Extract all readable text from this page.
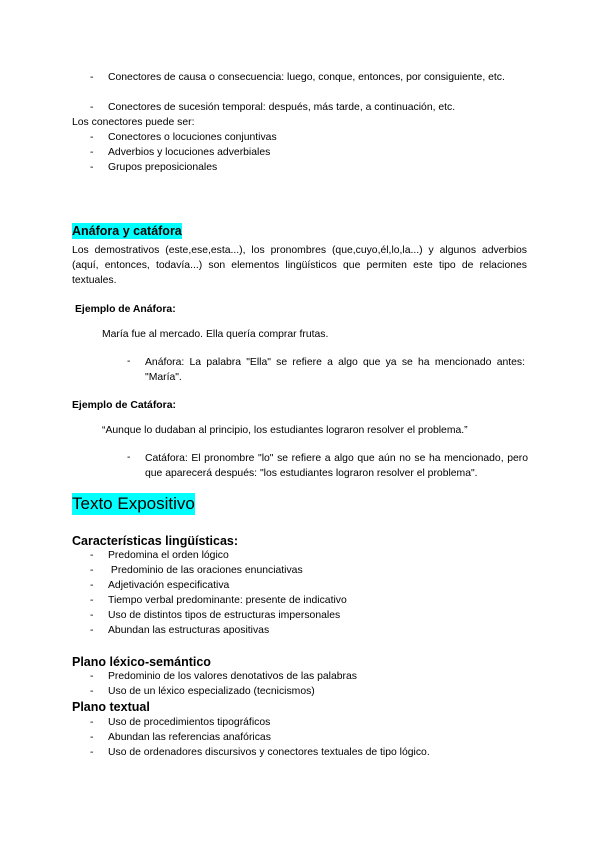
- Conectores de causa o consecuencia: luego, conque, entonces, por consiguiente, etc.
- Conectores de sucesión temporal: después, más tarde, a continuación, etc.
Los conectores puede ser:
- Conectores o locuciones conjuntivas
- Adverbios y locuciones adverbiales
- Grupos preposicionales
Anáfora y catáfora
Los demostrativos (este,ese,esta...), los pronombres (que,cuyo,él,lo,la...) y algunos adverbios (aquí, entonces, todavía...) son elementos lingüísticos que permiten este tipo de relaciones textuales.
Ejemplo de Anáfora:
María fue al mercado. Ella quería comprar frutas.
- Anáfora: La palabra "Ella" se refiere a algo que ya se ha mencionado antes: "María".
Ejemplo de Catáfora:
“Aunque lo dudaban al principio, los estudiantes lograron resolver el problema.”
- Catáfora: El pronombre "lo" se refiere a algo que aún no se ha mencionado, pero que aparecerá después: "los estudiantes lograron resolver el problema".
Texto Expositivo
Características lingüísticas:
- Predomina el orden lógico
- Predominio de las oraciones enunciativas
- Adjetivación especificativa
- Tiempo verbal predominante: presente de indicativo
- Uso de distintos tipos de estructuras impersonales
- Abundan las estructuras apositivas
Plano léxico-semántico
- Predominio de los valores denotativos de las palabras
- Uso de un léxico especializado (tecnicismos)
Plano textual
- Uso de procedimientos tipográficos
- Abundan las referencias anafóricas
- Uso de ordenadores discursivos y conectores textuales de tipo lógico.
